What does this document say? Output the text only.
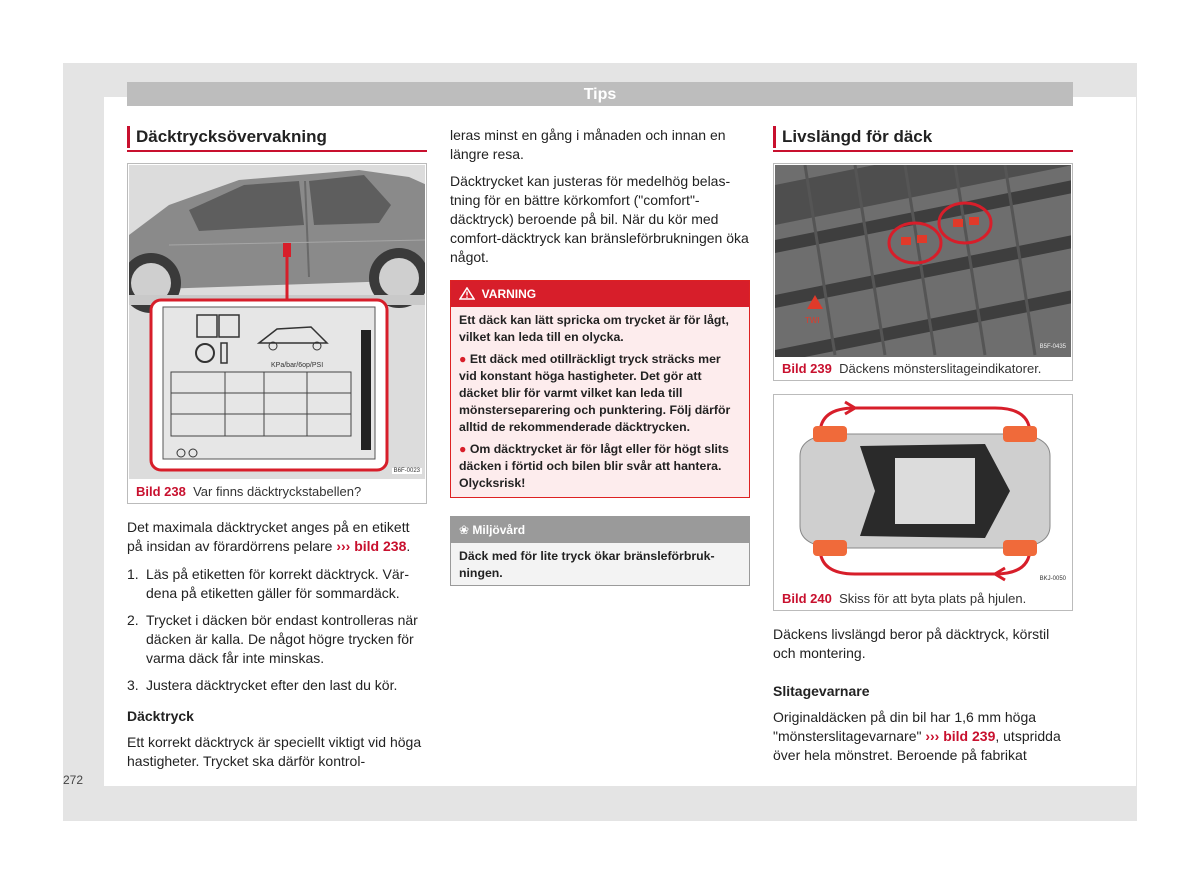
Tips
Däcktrycksövervakning
KPa/bar/6op/PSI
B6F-0023
Bild 238 Var finns däcktryckstabellen?
Det maximala däcktrycket anges på en etikett på insidan av förardörrens pelare ››› bild 238.
1. Läs på etiketten för korrekt däcktryck. Värdena på etiketten gäller för sommardäck.
2. Trycket i däcken bör endast kontrolleras när däcken är kalla. De något högre trycken för varma däck får inte minskas.
3. Justera däcktrycket efter den last du kör.
Däcktryck
Ett korrekt däcktryck är speciellt viktigt vid höga hastigheter. Trycket ska därför kontrol-
leras minst en gång i månaden och innan en längre resa.
Däcktrycket kan justeras för medelhög belastning för en bättre körkomfort ("comfort"-däcktryck) beroende på bil. När du kör med comfort-däcktryck kan bränsleförbrukningen öka något.
VARNING

Ett däck kan lätt spricka om trycket är för lågt, vilket kan leda till en olycka.

● Ett däck med otillräckligt tryck sträcks mer vid konstant höga hastigheter. Det gör att däcket blir för varmt vilket kan leda till mönsterseparering och punktering. Följ därför alltid de rekommenderade däcktrycken.

● Om däcktrycket är för lågt eller för högt slits däcken i förtid och bilen blir svår att hantera. Olycksrisk!

❀ Miljövård
Däck med för lite tryck ökar bränsleförbrukningen.
Livslängd för däck
TWI
B5F-0435
Bild 239 Däckens mönsterslitageindikatorer.
BKJ-0050
Bild 240 Skiss för att byta plats på hjulen.
Däckens livslängd beror på däcktryck, körstil och montering.
Slitagevarnare
Originaldäcken på din bil har 1,6 mm höga "mönsterslitagevarnare" ››› bild 239, utspridda över hela mönstret. Beroende på fabrikat
272
